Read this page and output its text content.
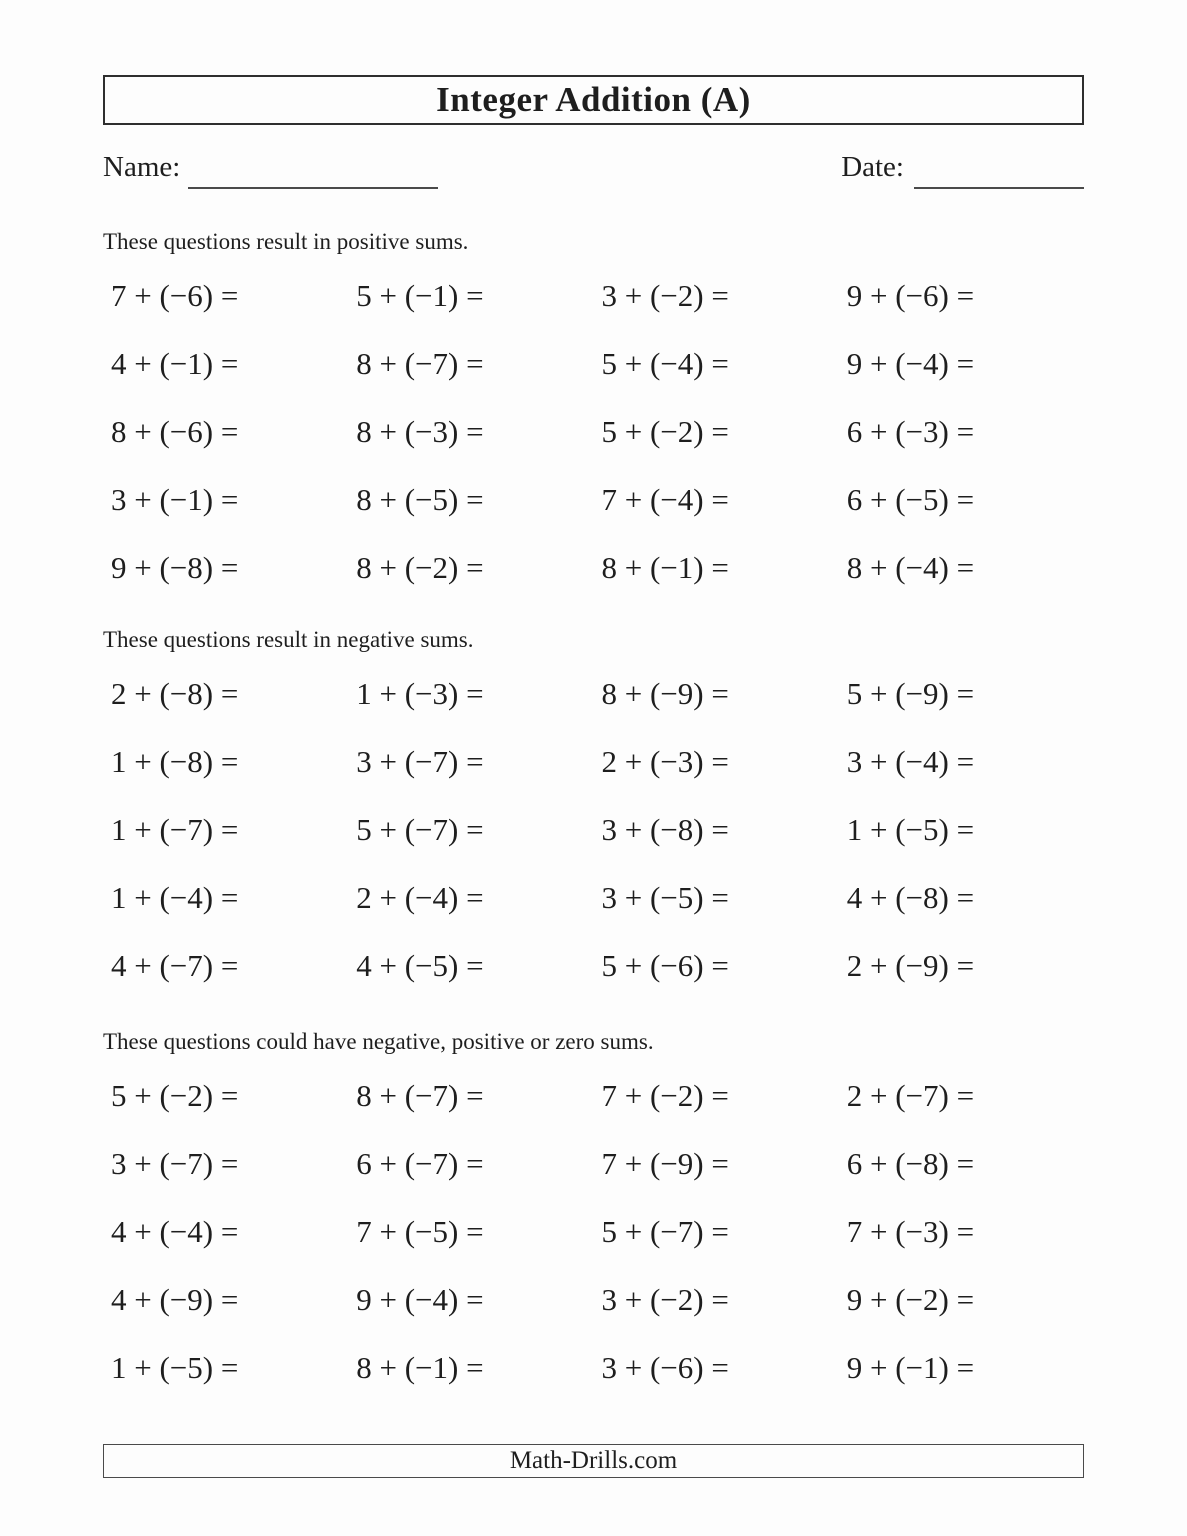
Integer Addition (A)
Name:	Date:
These questions result in positive sums.
7 + (−6) =	5 + (−1) =	3 + (−2) =	9 + (−6) =
4 + (−1) =	8 + (−7) =	5 + (−4) =	9 + (−4) =
8 + (−6) =	8 + (−3) =	5 + (−2) =	6 + (−3) =
3 + (−1) =	8 + (−5) =	7 + (−4) =	6 + (−5) =
9 + (−8) =	8 + (−2) =	8 + (−1) =	8 + (−4) =
These questions result in negative sums.
2 + (−8) =	1 + (−3) =	8 + (−9) =	5 + (−9) =
1 + (−8) =	3 + (−7) =	2 + (−3) =	3 + (−4) =
1 + (−7) =	5 + (−7) =	3 + (−8) =	1 + (−5) =
1 + (−4) =	2 + (−4) =	3 + (−5) =	4 + (−8) =
4 + (−7) =	4 + (−5) =	5 + (−6) =	2 + (−9) =
These questions could have negative, positive or zero sums.
5 + (−2) =	8 + (−7) =	7 + (−2) =	2 + (−7) =
3 + (−7) =	6 + (−7) =	7 + (−9) =	6 + (−8) =
4 + (−4) =	7 + (−5) =	5 + (−7) =	7 + (−3) =
4 + (−9) =	9 + (−4) =	3 + (−2) =	9 + (−2) =
1 + (−5) =	8 + (−1) =	3 + (−6) =	9 + (−1) =
Math-Drills.com
